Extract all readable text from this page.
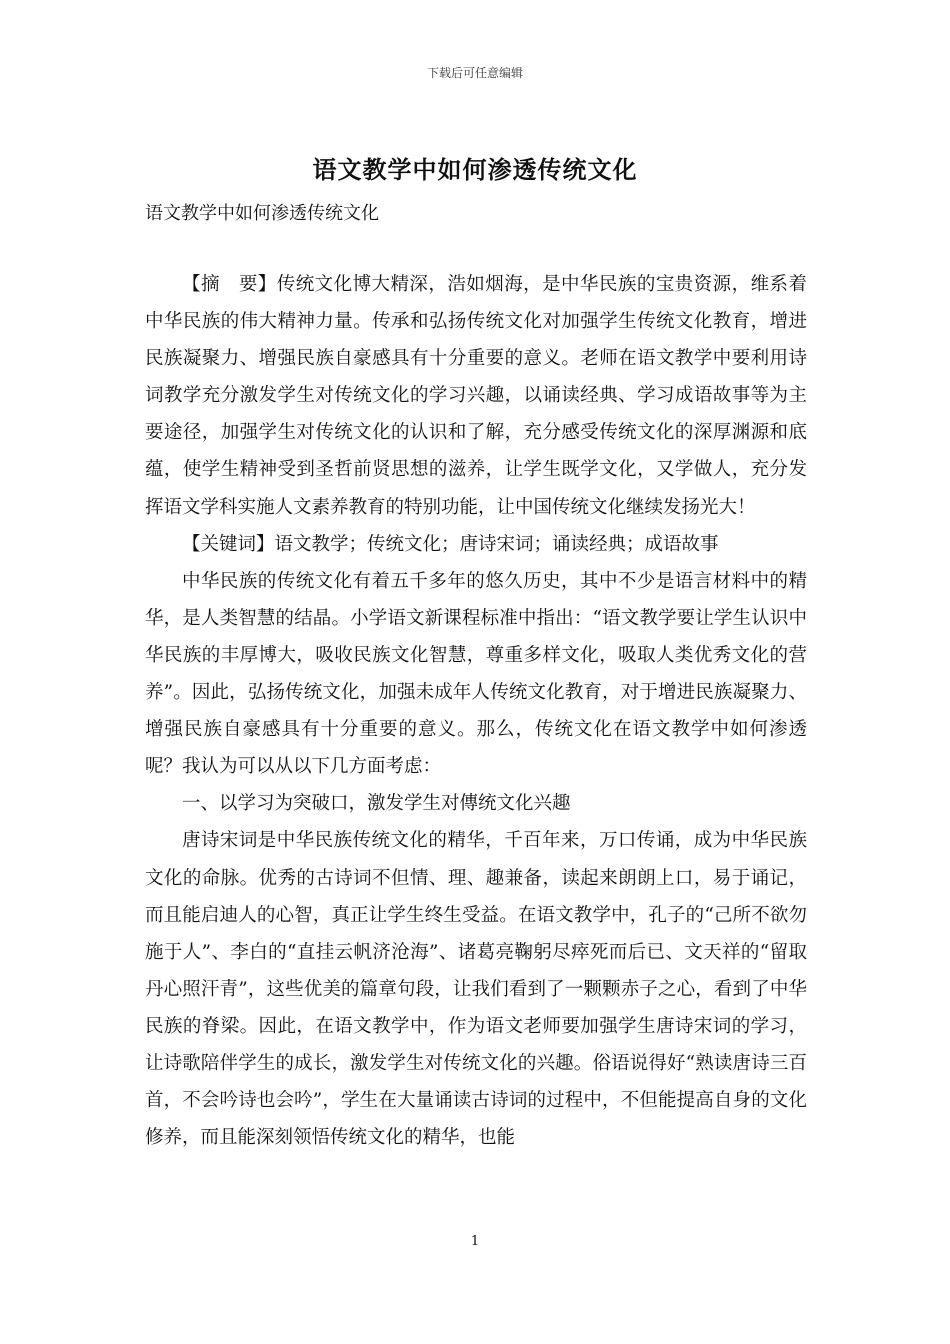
下载后可任意编辑
语文教学中如何渗透传统文化
语文教学中如何渗透传统文化

【摘　要】传统文化博大精深，浩如烟海，是中华民族的宝贵资源，维系着中华民族的伟大精神力量。传承和弘扬传统文化对加强学生传统文化教育，增进民族凝聚力、增强民族自豪感具有十分重要的意义。老师在语文教学中要利用诗词教学充分激发学生对传统文化的学习兴趣，以诵读经典、学习成语故事等为主要途径，加强学生对传统文化的认识和了解，充分感受传统文化的深厚渊源和底蕴，使学生精神受到圣哲前贤思想的滋养，让学生既学文化，又学做人，充分发挥语文学科实施人文素养教育的特别功能，让中国传统文化继续发扬光大！

【关键词】语文教学；传统文化；唐诗宋词；诵读经典；成语故事

中华民族的传统文化有着五千多年的悠久历史，其中不少是语言材料中的精华，是人类智慧的结晶。小学语文新课程标准中指出：“语文教学要让学生认识中华民族的丰厚博大，吸收民族文化智慧，尊重多样文化，吸取人类优秀文化的营养”。因此，弘扬传统文化，加强未成年人传统文化教育，对于增进民族凝聚力、增强民族自豪感具有十分重要的意义。那么，传统文化在语文教学中如何渗透呢？我认为可以从以下几方面考虑：

一、以学习为突破口，激发学生对傳统文化兴趣

唐诗宋词是中华民族传统文化的精华，千百年来，万口传诵，成为中华民族文化的命脉。优秀的古诗词不但情、理、趣兼备，读起来朗朗上口，易于诵记，而且能启迪人的心智，真正让学生终生受益。在语文教学中，孔子的“己所不欲勿施于人”、李白的“直挂云帆济沧海”、诸葛亮鞠躬尽瘁死而后已、文天祥的“留取丹心照汗青”，这些优美的篇章句段，让我们看到了一颗颗赤子之心，看到了中华民族的脊梁。因此，在语文教学中，作为语文老师要加强学生唐诗宋词的学习，让诗歌陪伴学生的成长，激发学生对传统文化的兴趣。俗语说得好“熟读唐诗三百首，不会吟诗也会吟”，学生在大量诵读古诗词的过程中，不但能提高自身的文化修养，而且能深刻领悟传统文化的精华，也能

1
